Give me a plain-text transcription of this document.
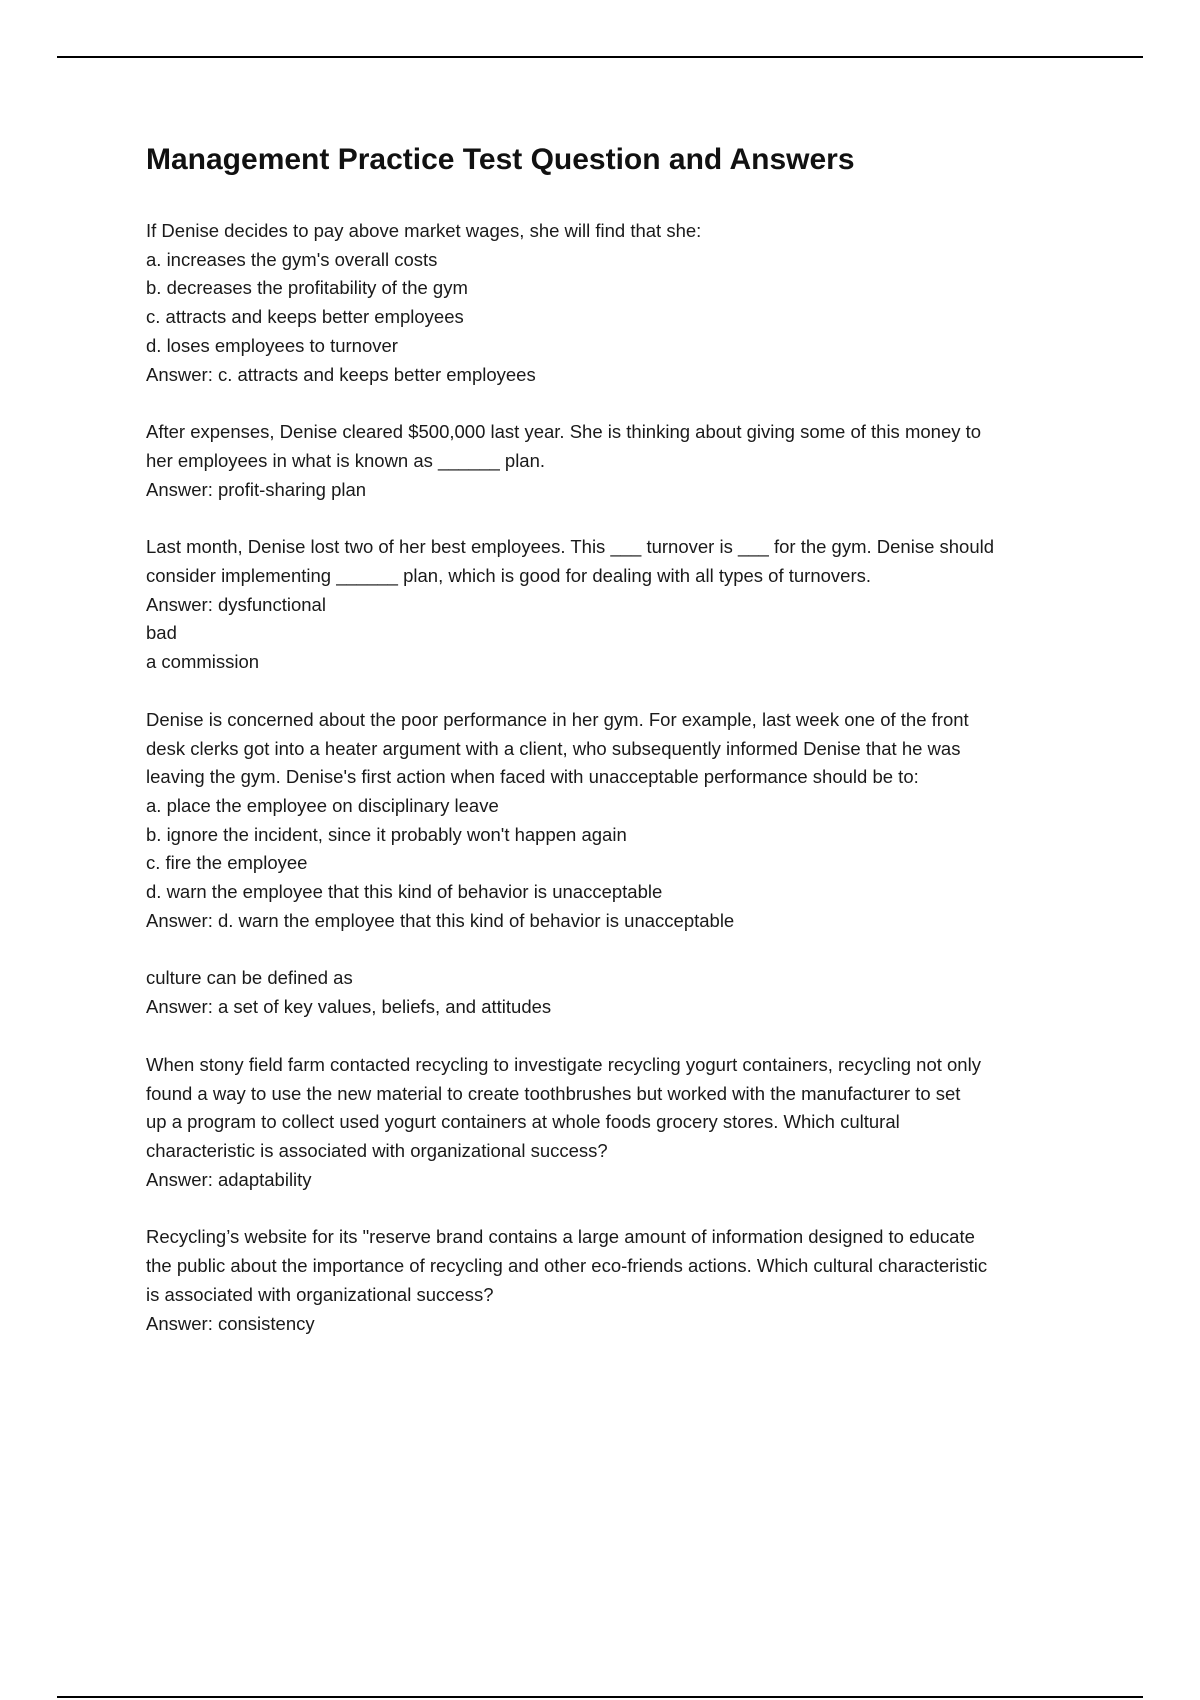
Management Practice Test Question and Answers
If Denise decides to pay above market wages, she will find that she:
a. increases the gym's overall costs
b. decreases the profitability of the gym
c. attracts and keeps better employees
d. loses employees to turnover
Answer: c. attracts and keeps better employees
After expenses, Denise cleared $500,000 last year. She is thinking about giving some of this money to
her employees in what is known as ______ plan.
Answer: profit-sharing plan
Last month, Denise lost two of her best employees. This ___ turnover is ___ for the gym. Denise should
consider implementing ______ plan, which is good for dealing with all types of turnovers.
Answer: dysfunctional
bad
a commission
Denise is concerned about the poor performance in her gym. For example, last week one of the front
desk clerks got into a heater argument with a client, who subsequently informed Denise that he was
leaving the gym. Denise's first action when faced with unacceptable performance should be to:
a. place the employee on disciplinary leave
b. ignore the incident, since it probably won't happen again
c. fire the employee
d. warn the employee that this kind of behavior is unacceptable
Answer: d. warn the employee that this kind of behavior is unacceptable
culture can be defined as
Answer: a set of key values, beliefs, and attitudes
When stony field farm contacted recycling to investigate recycling yogurt containers, recycling not only
found a way to use the new material to create toothbrushes but worked with the manufacturer to set
up a program to collect used yogurt containers at whole foods grocery stores. Which cultural
characteristic is associated with organizational success?
Answer: adaptability
Recycling’s website for its "reserve brand contains a large amount of information designed to educate
the public about the importance of recycling and other eco-friends actions. Which cultural characteristic
is associated with organizational success?
Answer: consistency
